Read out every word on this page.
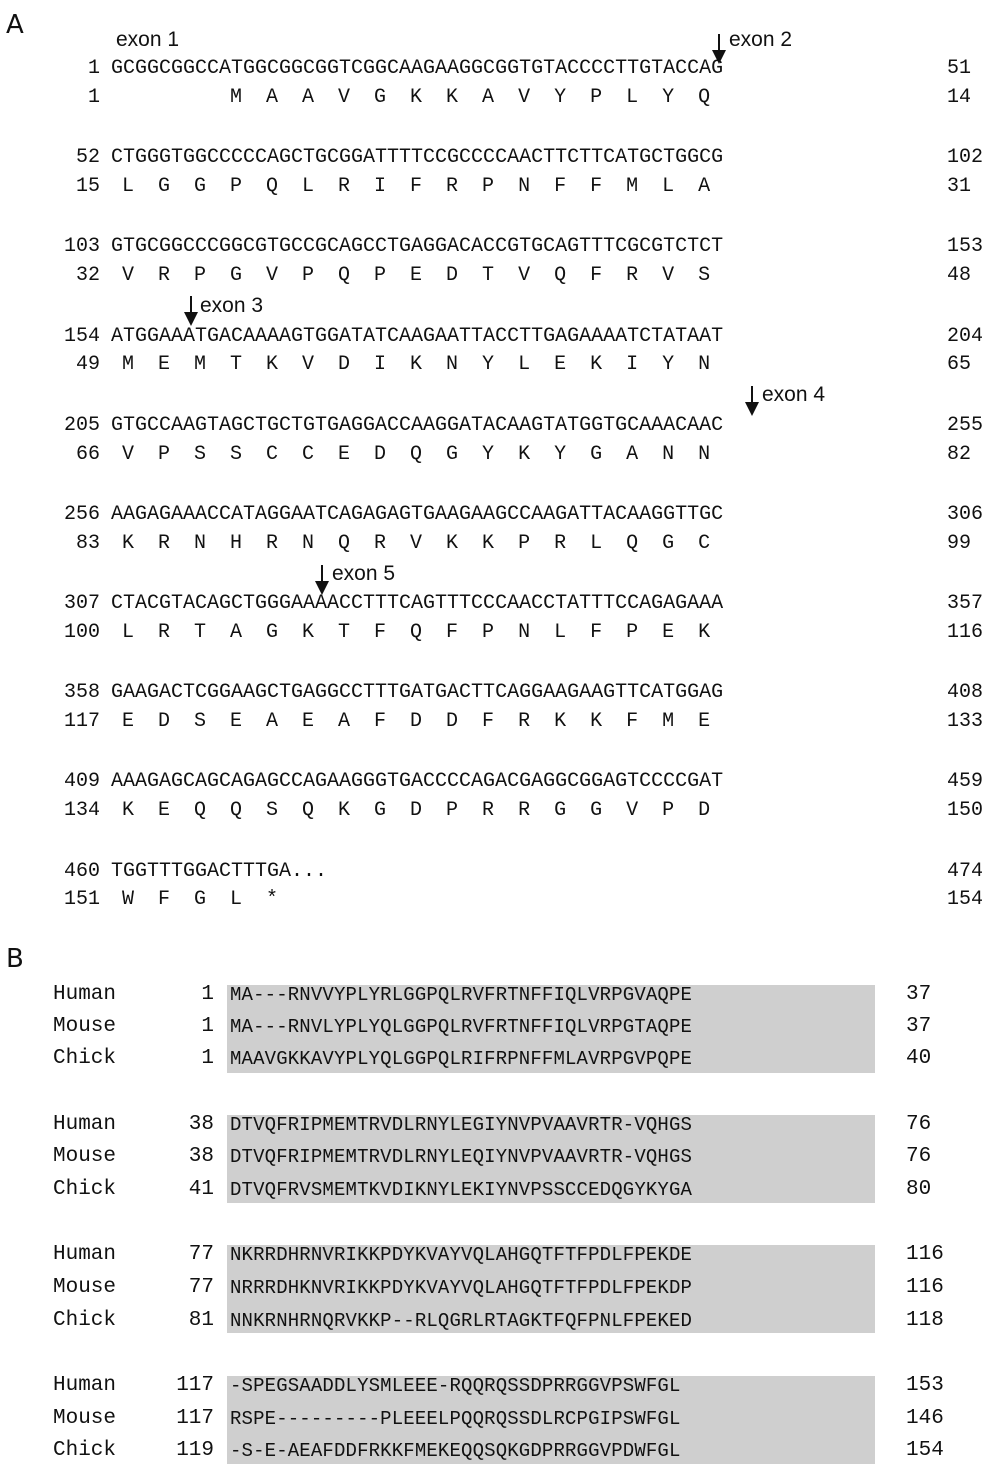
A	exon 1	exon 2
exon 3
exon 4
exon 5
1 GCGGCGGCCATGGCGGCGGTCGGCAAGAAGGCGGTGTACCCCTTGTACCAG	51
1 M  A  A  V  G  K  K  A  V  Y  P  L  Y  Q	14
52 CTGGGTGGCCCCCAGCTGCGGATTTTCCGCCCCAACTTCTTCATGCTGGCG	102
15 L  G  G  P  Q  L  R  I  F  R  P  N  F  F  M  L  A	31
103 GTGCGGCCCGGCGTGCCGCAGCCTGAGGACACCGTGCAGTTTCGCGTCTCT	153
32 V  R  P  G  V  P  Q  P  E  D  T  V  Q  F  R  V  S	48
154 ATGGAAATGACAAAAGTGGATATCAAGAATTACCTTGAGAAAATCTATAAT	204
49 M  E  M  T  K  V  D  I  K  N  Y  L  E  K  I  Y  N	65
205 GTGCCAAGTAGCTGCTGTGAGGACCAAGGATACAAGTATGGTGCAAACAAC	255
66 V  P  S  S  C  C  E  D  Q  G  Y  K  Y  G  A  N  N	82
256 AAGAGAAACCATAGGAATCAGAGAGTGAAGAAGCCAAGATTACAAGGTTGC	306
83 K  R  N  H  R  N  Q  R  V  K  K  P  R  L  Q  G  C	99
307 CTACGTACAGCTGGGAAAACCTTTCAGTTTCCCAACCTATTTCCAGAGAAA	357
100 L  R  T  A  G  K  T  F  Q  F  P  N  L  F  P  E  K	116
358 GAAGACTCGGAAGCTGAGGCCTTTGATGACTTCAGGAAGAAGTTCATGGAG	408
117 E  D  S  E  A  E  A  F  D  D  F  R  K  K  F  M  E	133
409 AAAGAGCAGCAGAGCCAGAAGGGTGACCCCAGACGAGGCGGAGTCCCCGAT	459
134 K  E  Q  Q  S  Q  K  G  D  P  R  R  G  G  V  P  D	150
460 TGGTTTGGACTTTGA...	474
151 W  F  G  L  *	154
B
Human	1 MA---RNVVYPLYRLGGPQLRVFRTNFFIQLVRPGVAQPE	37
Mouse	1 MA---RNVLYPLYQLGGPQLRVFRTNFFIQLVRPGTAQPE	37
Chick	1 MAAVGKKAVYPLYQLGGPQLRIFRPNFFMLAVRPGVPQPE	40
Human	38 DTVQFRIPMEMTRVDLRNYLEGIYNVPVAAVRTR-VQHGS	76
Mouse	38 DTVQFRIPMEMTRVDLRNYLEQIYNVPVAAVRTR-VQHGS	76
Chick	41 DTVQFRVSMEMTKVDIKNYLEKIYNVPSSCCEDQGYKYGA	80
Human	77 NKRRDHRNVRIKKPDYKVAYVQLAHGQTFTFPDLFPEKDE	116
Mouse	77 NRRRDHKNVRIKKPDYKVAYVQLAHGQTFTFPDLFPEKDP	116
Chick	81 NNKRNHRNQRVKKP--RLQGRLRTAGKTFQFPNLFPEKED	118
Human	117 -SPEGSAADDLYSMLEEE-RQQRQSSDPRRGGVPSWFGL	153
Mouse	117 RSPE---------PLEEELPQQRQSSDLRCPGIPSWFGL	146
Chick	119 -S-E-AEAFDDFRKKFMEKEQQSQKGDPRRGGVPDWFGL	154
